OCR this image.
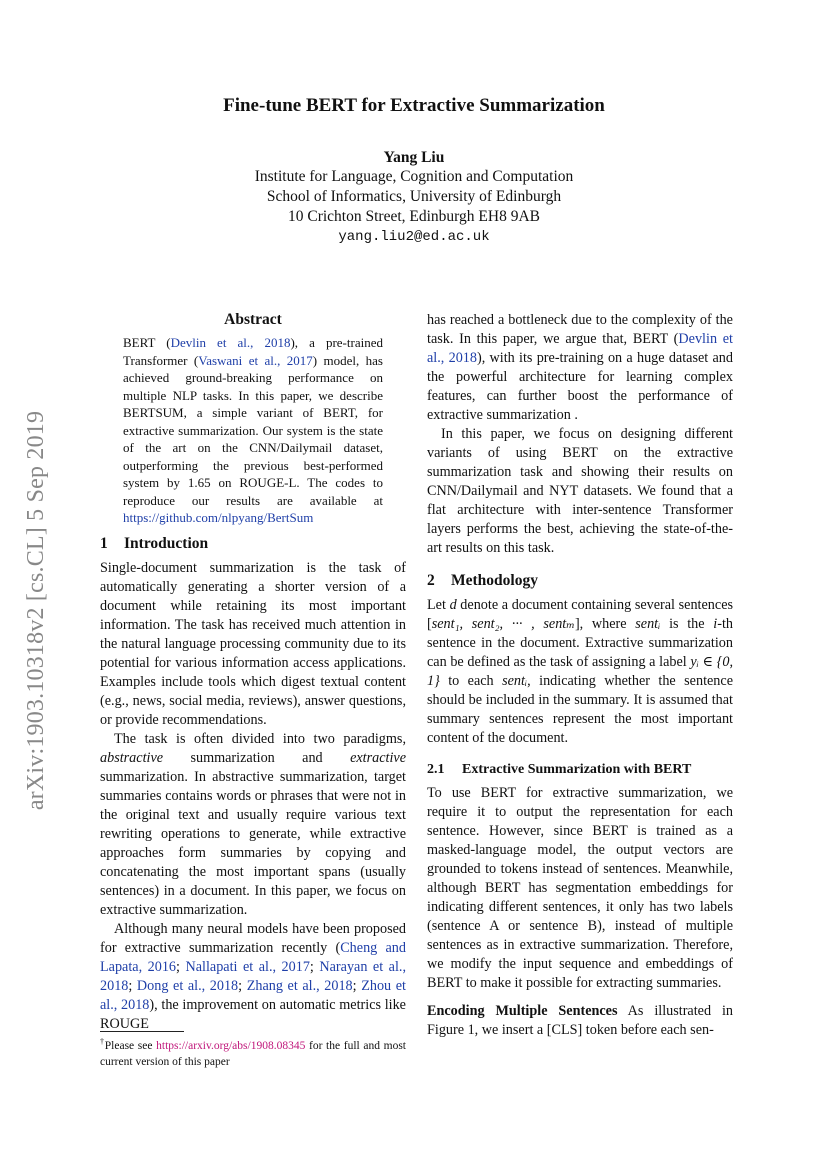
arXiv:1903.10318v2 [cs.CL] 5 Sep 2019
Fine-tune BERT for Extractive Summarization
Yang Liu
Institute for Language, Cognition and Computation
School of Informatics, University of Edinburgh
10 Crichton Street, Edinburgh EH8 9AB
yang.liu2@ed.ac.uk
Abstract

BERT (Devlin et al., 2018), a pre-trained Transformer (Vaswani et al., 2017) model, has achieved ground-breaking performance on multiple NLP tasks. In this paper, we describe BERTSUM, a simple variant of BERT, for extractive summarization. Our system is the state of the art on the CNN/Dailymail dataset, outperforming the previous best-performed system by 1.65 on ROUGE-L. The codes to reproduce our results are available at https://github.com/nlpyang/BertSum

1 Introduction

Single-document summarization is the task of automatically generating a shorter version of a document while retaining its most important information. The task has received much attention in the natural language processing community due to its potential for various information access applications. Examples include tools which digest textual content (e.g., news, social media, reviews), answer questions, or provide recommendations.

The task is often divided into two paradigms, abstractive summarization and extractive summarization. In abstractive summarization, target summaries contains words or phrases that were not in the original text and usually require various text rewriting operations to generate, while extractive approaches form summaries by copying and concatenating the most important spans (usually sentences) in a document. In this paper, we focus on extractive summarization.

Although many neural models have been proposed for extractive summarization recently (Cheng and Lapata, 2016; Nallapati et al., 2017; Narayan et al., 2018; Dong et al., 2018; Zhang et al., 2018; Zhou et al., 2018), the improvement on automatic metrics like ROUGE

†Please see https://arxiv.org/abs/1908.08345 for the full and most current version of this paper

has reached a bottleneck due to the complexity of the task. In this paper, we argue that, BERT (Devlin et al., 2018), with its pre-training on a huge dataset and the powerful architecture for learning complex features, can further boost the performance of extractive summarization .

In this paper, we focus on designing different variants of using BERT on the extractive summarization task and showing their results on CNN/Dailymail and NYT datasets. We found that a flat architecture with inter-sentence Transformer layers performs the best, achieving the state-of-the-art results on this task.

2 Methodology

Let d denote a document containing several sentences [sent₁, sent₂, ··· , sentₘ], where sentᵢ is the i-th sentence in the document. Extractive summarization can be defined as the task of assigning a label yᵢ ∈ {0, 1} to each sentᵢ, indicating whether the sentence should be included in the summary. It is assumed that summary sentences represent the most important content of the document.

2.1 Extractive Summarization with BERT

To use BERT for extractive summarization, we require it to output the representation for each sentence. However, since BERT is trained as a masked-language model, the output vectors are grounded to tokens instead of sentences. Meanwhile, although BERT has segmentation embeddings for indicating different sentences, it only has two labels (sentence A or sentence B), instead of multiple sentences as in extractive summarization. Therefore, we modify the input sequence and embeddings of BERT to make it possible for extracting summaries.

Encoding Multiple Sentences As illustrated in Figure 1, we insert a [CLS] token before each sen-
